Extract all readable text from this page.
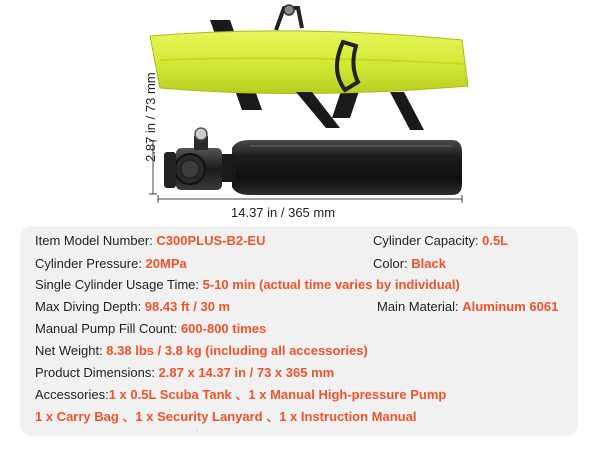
2.87 in / 73 mm
14.37 in / 365 mm
Item Model Number: C300PLUS-B2-EU	Cylinder Capacity: 0.5L
Cylinder Pressure: 20MPa	Color: Black
Single Cylinder Usage Time: 5-10 min (actual time varies by individual)
Max Diving Depth: 98.43 ft / 30 m	Main Material: Aluminum 6061
Manual Pump Fill Count: 600-800 times
Net Weight: 8.38 lbs / 3.8 kg (including all accessories)
Product Dimensions: 2.87 x 14.37 in / 73 x 365 mm
Accessories:1 x 0.5L Scuba Tank 、1 x Manual High-pressure Pump
1 x Carry Bag 、1 x Security Lanyard 、1 x Instruction Manual
